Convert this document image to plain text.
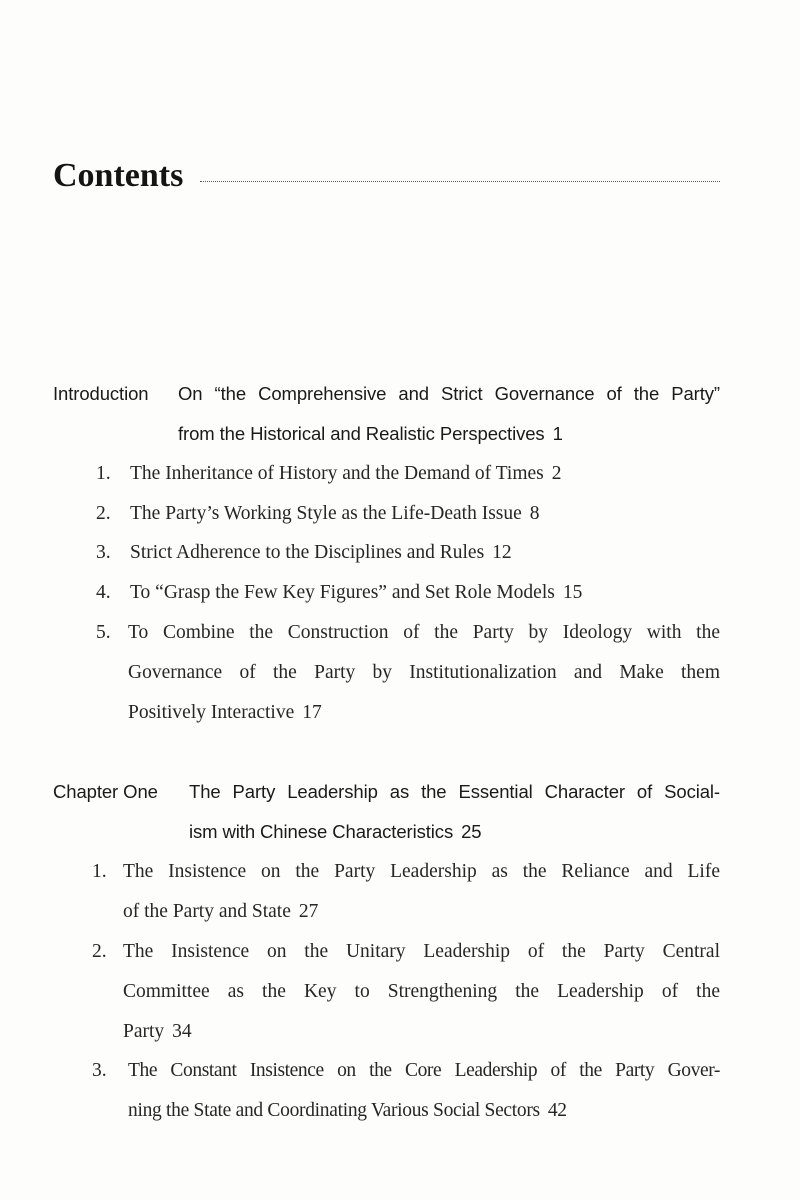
Contents
Introduction On “the Comprehensive and Strict Governance of the Party”
from the Historical and Realistic Perspectives 1
1. The Inheritance of History and the Demand of Times 2
2. The Party’s Working Style as the Life-Death Issue 8
3. Strict Adherence to the Disciplines and Rules 12
4. To “Grasp the Few Key Figures” and Set Role Models 15
5. To Combine the Construction of the Party by Ideology with the
Governance of the Party by Institutionalization and Make them
Positively Interactive 17
Chapter One The Party Leadership as the Essential Character of Social-
ism with Chinese Characteristics 25
1. The Insistence on the Party Leadership as the Reliance and Life
of the Party and State 27
2. The Insistence on the Unitary Leadership of the Party Central
Committee as the Key to Strengthening the Leadership of the
Party 34
3. The Constant Insistence on the Core Leadership of the Party Gover-
ning the State and Coordinating Various Social Sectors 42
